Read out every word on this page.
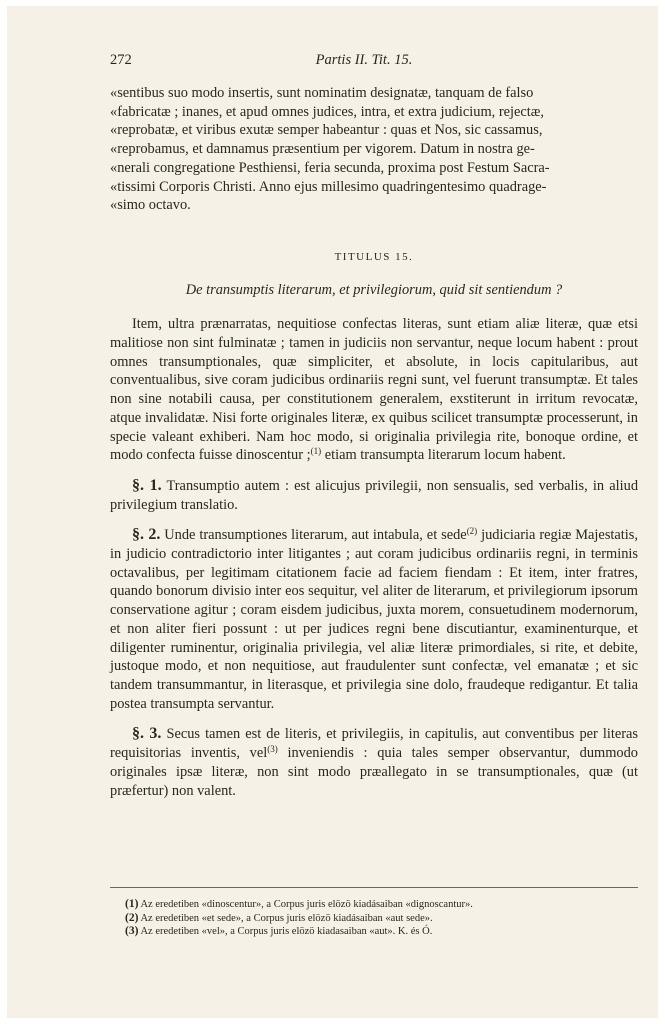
272	Partis II. Tit. 15.

«sentibus suo modo insertis, sunt nominatim designatæ, tanquam de falso

«fabricatæ ; inanes, et apud omnes judices, intra, et extra judicium, rejectæ,

«reprobatæ, et viribus exutæ semper habeantur : quas et Nos, sic cassamus,

«reprobamus, et damnamus præsentium per vigorem. Datum in nostra ge-

«nerali congregatione Pesthiensi, feria secunda, proxima post Festum Sacra-

«tissimi Corporis Christi. Anno ejus millesimo quadringentesimo quadrage-

«simo octavo.

TITULUS 15.
De transumptis literarum, et privilegiorum, quid sit sentiendum ?

Item, ultra prænarratas, nequitiose confectas literas, sunt etiam aliæ literæ, quæ etsi malitiose non sint fulminatæ ; tamen in judiciis non servantur, neque locum habent : prout omnes transumptionales, quæ simpliciter, et absolute, in locis capitularibus, aut conventualibus, sive coram judicibus ordinariis regni sunt, vel fuerunt transumptæ. Et tales non sine notabili causa, per constitutionem generalem, exstiterunt in irritum revocatæ, atque invalidatæ. Nisi forte originales literæ, ex quibus scilicet transumptæ processerunt, in specie valeant exhiberi. Nam hoc modo, si originalia privilegia rite, bonoque ordine, et modo confecta fuisse dinoscentur ;$^{(1)}$ etiam transumpta literarum locum habent.

§. 1. Transumptio autem : est alicujus privilegii, non sensualis, sed verbalis, in aliud privilegium translatio.

§. 2. Unde transumptiones literarum, aut intabula, et sede$^{(2)}$ judiciaria regiæ Majestatis, in judicio contradictorio inter litigantes ; aut coram judicibus ordinariis regni, in terminis octavalibus, per legitimam citationem facie ad faciem fiendam : Et item, inter fratres, quando bonorum divisio inter eos sequitur, vel aliter de literarum, et privilegiorum ipsorum conservatione agitur ; coram eisdem judicibus, juxta morem, consuetudinem modernorum, et non aliter fieri possunt : ut per judices regni bene discutiantur, examinenturque, et diligenter ruminentur, originalia privilegia, vel aliæ literæ primordiales, si rite, et debite, justoque modo, et non nequitiose, aut fraudulenter sunt confectæ, vel emanatæ ; et sic tandem transummantur, in literasque, et privilegia sine dolo, fraudeque redigantur. Et talia postea transumpta servantur.

§. 3. Secus tamen est de literis, et privilegiis, in capitulis, aut conventibus per literas requisitorias inventis, vel$^{(3)}$ inveniendis : quia tales semper observantur, dummodo originales ipsæ literæ, non sint modo præallegato in se transumptionales, quæ (ut præfertur) non valent.

(1) Az eredetiben «dinoscentur», a Corpus juris elözö kiadásaiban «dignoscantur».
(2) Az eredetiben «et sede», a Corpus juris elözö kiadásaiban «aut sede».
(3) Az eredetiben «vel», a Corpus juris elözö kiadasaiban «aut». K. és Ó.
